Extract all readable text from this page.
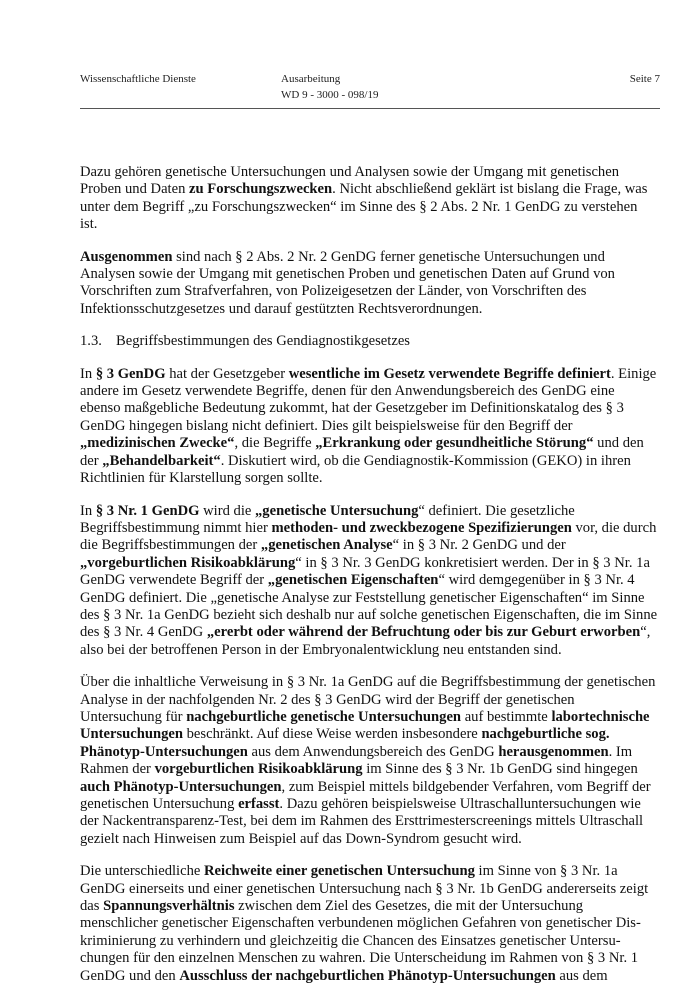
Wissenschaftliche Dienste	Ausarbeitung
WD 9 - 3000 - 098/19
Seite 7

Dazu gehören genetische Untersuchungen und Analysen sowie der Umgang mit genetischen Proben und Daten zu Forschungszwecken. Nicht abschließend geklärt ist bislang die Frage, was unter dem Begriff „zu Forschungszwecken“ im Sinne des § 2 Abs. 2 Nr. 1 GenDG zu verstehen ist.

Ausgenommen sind nach § 2 Abs. 2 Nr. 2 GenDG ferner genetische Untersuchungen und Analysen sowie der Umgang mit genetischen Proben und genetischen Daten auf Grund von Vorschriften zum Strafverfahren, von Polizeigesetzen der Länder, von Vorschriften des Infektionsschutzgesetzes und darauf gestützten Rechtsverordnungen.

1.3. Begriffsbestimmungen des Gendiagnostikgesetzes

In § 3 GenDG hat der Gesetzgeber wesentliche im Gesetz verwendete Begriffe definiert. Einige andere im Gesetz verwendete Begriffe, denen für den Anwendungsbereich des GenDG eine ebenso maßgebliche Bedeutung zukommt, hat der Gesetzgeber im Definitionskatalog des § 3 GenDG hingegen bislang nicht definiert. Dies gilt beispielsweise für den Begriff der „medizinischen Zwecke“, die Begriffe „Erkrankung oder gesundheitliche Störung“ und den der „Behandelbarkeit“. Diskutiert wird, ob die Gendiagnostik-Kommission (GEKO) in ihren Richtlinien für Klarstellung sorgen sollte.

In § 3 Nr. 1 GenDG wird die „genetische Untersuchung“ definiert. Die gesetzliche Begriffsbestimmung nimmt hier methoden- und zweckbezogene Spezifizierungen vor, die durch die Begriffsbestimmungen der „genetischen Analyse“ in § 3 Nr. 2 GenDG und der „vorgeburtlichen Risikoabklärung“ in § 3 Nr. 3 GenDG konkretisiert werden. Der in § 3 Nr. 1a GenDG verwendete Begriff der „genetischen Eigenschaften“ wird demgegenüber in § 3 Nr. 4 GenDG definiert. Die „genetische Analyse zur Feststellung genetischer Eigenschaften“ im Sinne des § 3 Nr. 1a GenDG bezieht sich deshalb nur auf solche genetischen Eigenschaften, die im Sinne des § 3 Nr. 4 GenDG „ererbt oder während der Befruchtung oder bis zur Geburt erworben“, also bei der betroffenen Person in der Embryonalentwicklung neu entstanden sind.

Über die inhaltliche Verweisung in § 3 Nr. 1a GenDG auf die Begriffsbestimmung der genetischen Analyse in der nachfolgenden Nr. 2 des § 3 GenDG wird der Begriff der genetischen Untersuchung für nachgeburtliche genetische Untersuchungen auf bestimmte labortechnische Untersuchungen beschränkt. Auf diese Weise werden insbesondere nachgeburtliche sog. Phänotyp-Untersuchungen aus dem Anwendungsbereich des GenDG herausgenommen. Im Rahmen der vorgeburtlichen Risikoabklärung im Sinne des § 3 Nr. 1b GenDG sind hingegen auch Phänotyp-Untersuchungen, zum Beispiel mittels bildgebender Verfahren, vom Begriff der genetischen Untersuchung erfasst. Dazu gehören beispielsweise Ultraschalluntersuchungen wie der Nackentransparenz-Test, bei dem im Rahmen des Ersttrimesterscreenings mittels Ultraschall gezielt nach Hinweisen zum Beispiel auf das Down-Syndrom gesucht wird.

Die unterschiedliche Reichweite einer genetischen Untersuchung im Sinne von § 3 Nr. 1a GenDG einerseits und einer genetischen Untersuchung nach § 3 Nr. 1b GenDG andererseits zeigt das Spannungsverhältnis zwischen dem Ziel des Gesetzes, die mit der Untersuchung menschlicher genetischer Eigenschaften verbundenen möglichen Gefahren von genetischer Diskriminierung zu verhindern und gleichzeitig die Chancen des Einsatzes genetischer Untersuchungen für den einzelnen Menschen zu wahren. Die Unterscheidung im Rahmen von § 3 Nr. 1 GenDG und den Ausschluss der nachgeburtlichen Phänotyp-Untersuchungen aus dem
